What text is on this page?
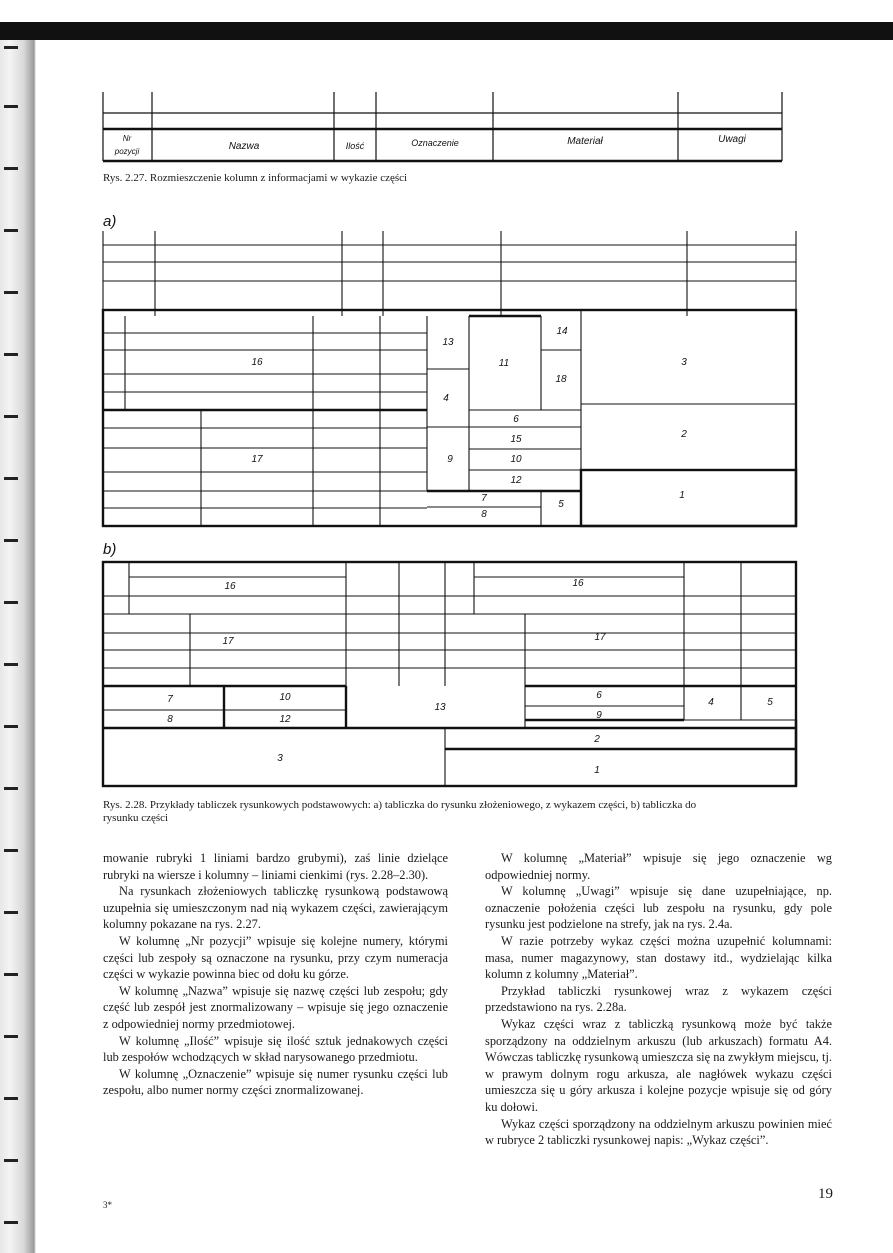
Nr
pozycji	Nazwa	Ilość	Oznaczenie	Materiał	Uwagi
Rys. 2.27. Rozmieszczenie kolumn z informacjami w wykazie części
a)
13
14
16	11	3
18
4
6
15	2
17	9	10
12
7	1
5
8
b)
16	16
17	17
7	10
13
6
4	5
8	12	9
2
3
1
Rys. 2.28. Przykłady tabliczek rysunkowych podstawowych: a) tabliczka do rysunku złożeniowego, z wykazem części, b) tabliczka do
rysunku części

mowanie rubryki 1 liniami bardzo grubymi), zaś linie dzielące rubryki na wiersze i kolumny – liniami cienkimi (rys. 2.28–2.30).

Na rysunkach złożeniowych tabliczkę rysunkową podstawową uzupełnia się umieszczonym nad nią wykazem części, zawierającym kolumny pokazane na rys. 2.27.

W kolumnę „Nr pozycji” wpisuje się kolejne numery, którymi części lub zespoły są oznaczone na rysunku, przy czym numeracja części w wykazie powinna biec od dołu ku górze.

W kolumnę „Nazwa” wpisuje się nazwę części lub zespołu; gdy część lub zespół jest znormalizowany – wpisuje się jego oznaczenie z odpowiedniej normy przedmiotowej.

W kolumnę „Ilość” wpisuje się ilość sztuk jednakowych części lub zespołów wchodzących w skład narysowanego przedmiotu.

W kolumnę „Oznaczenie” wpisuje się numer rysunku części lub zespołu, albo numer normy części znormalizowanej.

W kolumnę „Materiał” wpisuje się jego oznaczenie wg odpowiedniej normy.

W kolumnę „Uwagi” wpisuje się dane uzupełniające, np. oznaczenie położenia części lub zespołu na rysunku, gdy pole rysunku jest podzielone na strefy, jak na rys. 2.4a.

W razie potrzeby wykaz części można uzupełnić kolumnami: masa, numer magazynowy, stan dostawy itd., wydzielając kilka kolumn z kolumny „Materiał”.

Przykład tabliczki rysunkowej wraz z wykazem części przedstawiono na rys. 2.28a.

Wykaz części wraz z tabliczką rysunkową może być także sporządzony na oddzielnym arkuszu (lub arkuszach) formatu A4. Wówczas tabliczkę rysunkową umieszcza się na zwykłym miejscu, tj. w prawym dolnym rogu arkusza, ale nagłówek wykazu części umieszcza się u góry arkusza i kolejne pozycje wpisuje się od góry ku dołowi.

Wykaz części sporządzony na oddzielnym arkuszu powinien mieć w rubryce 2 tabliczki rysunkowej napis: „Wykaz części”.

19
3*
